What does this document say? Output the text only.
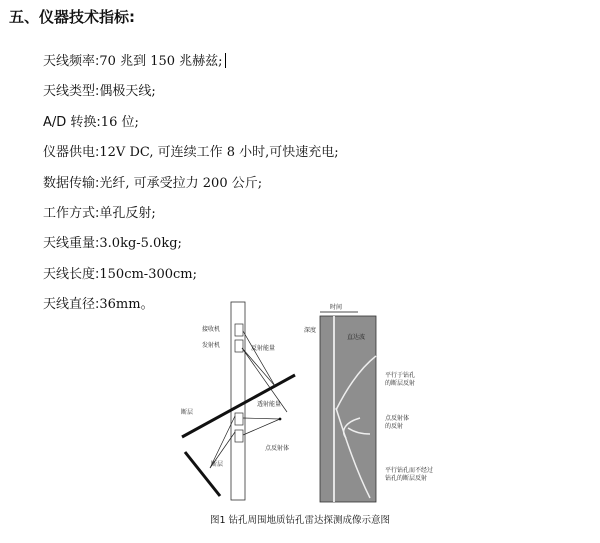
五、仪器技术指标:
天线频率:70 兆到 150 兆赫兹;
天线类型:偶极天线;
A/D 转换:16 位;
仪器供电:12V DC, 可连续工作 8 小时,可快速充电;
数据传输:光纤, 可承受拉力 200 公斤;
工作方式:单孔反射;
天线重量:3.0kg-5.0kg;
天线长度:150cm-300cm;
天线直径:36mm。
接收机
发射机	反射能量
透射能量
断层
断层
点反射体
时间
深度
直达波
平行于钻孔
的断层反射
点反射体
的反射
平行钻孔而不经过
钻孔的断层反射
图1 钻孔周围地质钻孔雷达探测成像示意图
